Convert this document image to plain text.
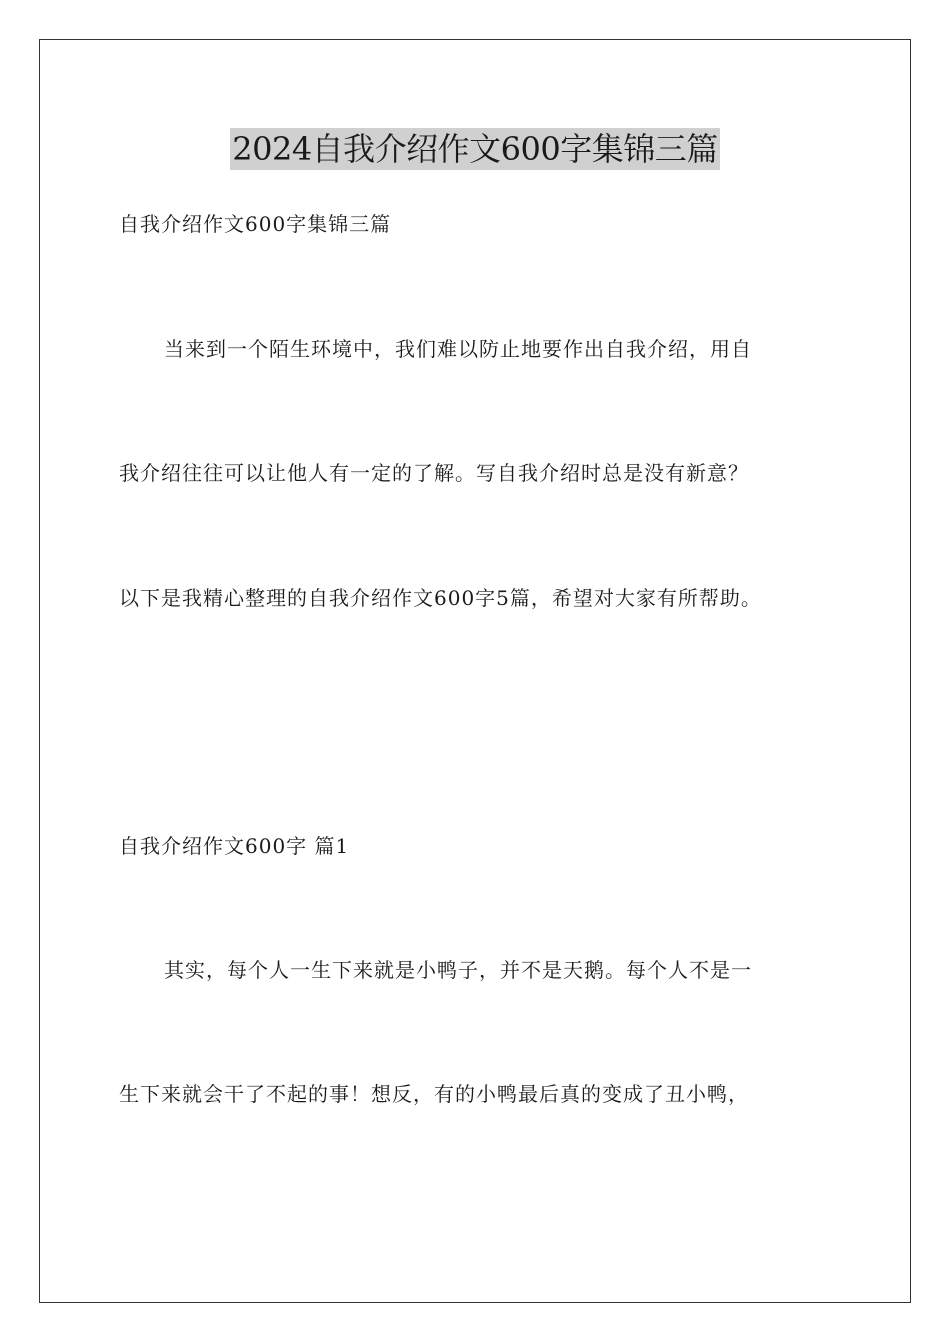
2024自我介绍作文600字集锦三篇
自我介绍作文600字集锦三篇
当来到一个陌生环境中，我们难以防止地要作出自我介绍，用自
我介绍往往可以让他人有一定的了解。写自我介绍时总是没有新意？
以下是我精心整理的自我介绍作文600字5篇，希望对大家有所帮助。
自我介绍作文600字 篇1
其实，每个人一生下来就是小鸭子，并不是天鹅。每个人不是一
生下来就会干了不起的事！想反，有的小鸭最后真的变成了丑小鸭，
